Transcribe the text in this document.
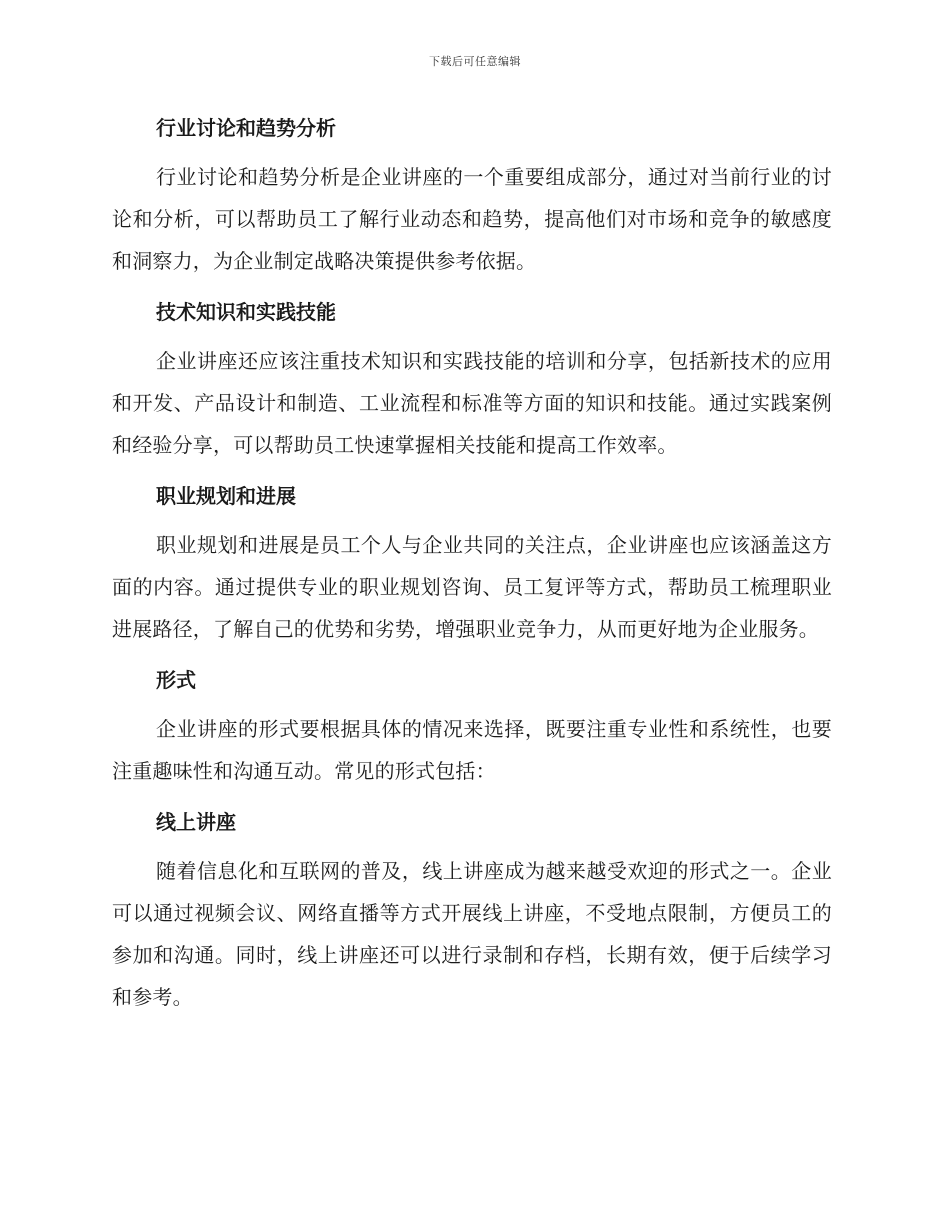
下载后可任意编辑
行业讨论和趋势分析

行业讨论和趋势分析是企业讲座的一个重要组成部分，通过对当前行业的讨论和分析，可以帮助员工了解行业动态和趋势，提高他们对市场和竞争的敏感度和洞察力，为企业制定战略决策提供参考依据。

技术知识和实践技能

企业讲座还应该注重技术知识和实践技能的培训和分享，包括新技术的应用和开发、产品设计和制造、工业流程和标准等方面的知识和技能。通过实践案例和经验分享，可以帮助员工快速掌握相关技能和提高工作效率。

职业规划和进展

职业规划和进展是员工个人与企业共同的关注点，企业讲座也应该涵盖这方面的内容。通过提供专业的职业规划咨询、员工复评等方式，帮助员工梳理职业进展路径，了解自己的优势和劣势，增强职业竞争力，从而更好地为企业服务。

形式

企业讲座的形式要根据具体的情况来选择，既要注重专业性和系统性，也要注重趣味性和沟通互动。常见的形式包括：

线上讲座

随着信息化和互联网的普及，线上讲座成为越来越受欢迎的形式之一。企业可以通过视频会议、网络直播等方式开展线上讲座，不受地点限制，方便员工的参加和沟通。同时，线上讲座还可以进行录制和存档，长期有效，便于后续学习和参考。
